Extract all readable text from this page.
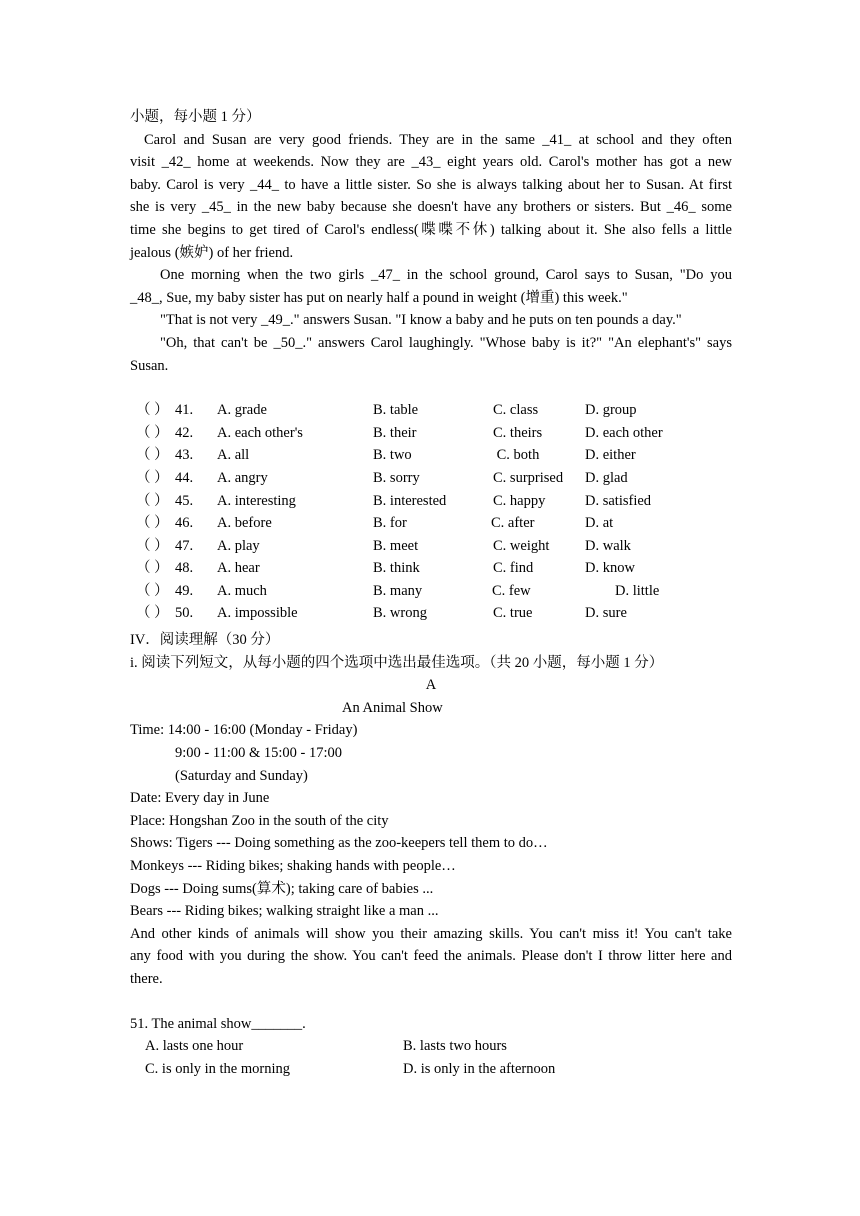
小题，每小题 1 分）
Carol and Susan are very good friends. They are in the same _41_ at school and they often
visit _42_ home at weekends. Now they are _43_ eight years old. Carol's mother has got a new
baby. Carol is very _44_ to have a little sister. So she is always talking about her to Susan. At first
she is very _45_ in the new baby because she doesn't have any brothers or sisters. But _46_ some
time she begins to get tired of Carol's endless(喋喋不休) talking about it. She also fells a little
jealous (嫉妒) of her friend.
One morning when the two girls _47_ in the school ground, Carol says to Susan, "Do you
_48_, Sue, my baby sister has put on nearly half a pound in weight (增重) this week."
"That is not very _49_." answers Susan. "I know a baby and he puts on ten pounds a day."
"Oh, that can't be _50_." answers Carol laughingly. "Whose baby is it?" "An elephant's" says
Susan.
（ ） 41. A. grade	B. table	C. class	D. group
（ ） 42. A. each other's	B. their	C. theirs	D. each other
（ ） 43. A. all	B. two	C. both	D. either
（ ） 44. A. angry	B. sorry	C. surprised D. glad
（ ） 45. A. interesting	B. interested	C. happy	D. satisfied
（ ） 46. A. before	B. for	C. after	D. at
（ ） 47. A. play	B. meet	C. weight D. walk
（ ） 48. A. hear	B. think	C. find	D. know
（ ） 49. A. much	B. many	C. few	D. little
（ ） 50. A. impossible	B. wrong	C. true	D. sure
IV．阅读理解（30 分）
i. 阅读下列短文，从每小题的四个选项中选出最佳选项。（共 20 小题，每小题 1 分）
A
An Animal Show
Time: 14:00 - 16:00 (Monday - Friday)
9:00 - 11:00 & 15:00 - 17:00
(Saturday and Sunday)
Date: Every day in June
Place: Hongshan Zoo in the south of the city
Shows: Tigers --- Doing something as the zoo-keepers tell them to do…
Monkeys --- Riding bikes; shaking hands with people…
Dogs --- Doing sums(算术); taking care of babies ...
Bears --- Riding bikes; walking straight like a man ...
And other kinds of animals will show you their amazing skills. You can't miss it! You can't take
any food with you during the show. You can't feed the animals. Please don't I throw litter here and
there.
51. The animal show_______.
A. lasts one hour	B. lasts two hours
C. is only in the morning	D. is only in the afternoon
